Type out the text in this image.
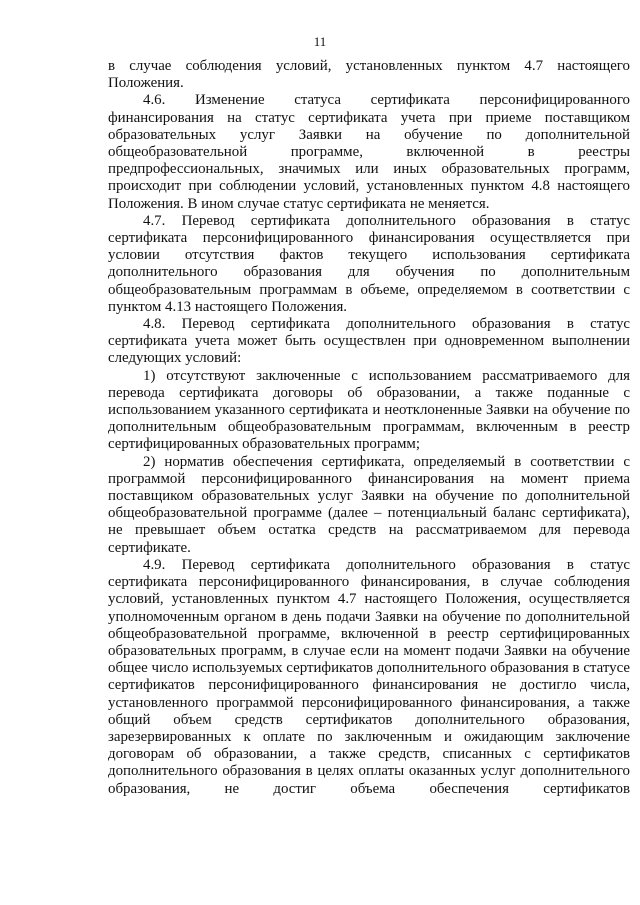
11

в случае соблюдения условий, установленных пунктом 4.7 настоящего Положения.

4.6. Изменение статуса сертификата персонифицированного финансирования на статус сертификата учета при приеме поставщиком образовательных услуг Заявки на обучение по дополнительной общеобразовательной программе, включенной в реестры предпрофессиональных, значимых или иных образовательных программ, происходит при соблюдении условий, установленных пунктом 4.8 настоящего Положения. В ином случае статус сертификата не меняется.

4.7. Перевод сертификата дополнительного образования в статус сертификата персонифицированного финансирования осуществляется при условии отсутствия фактов текущего использования сертификата дополнительного образования для обучения по дополнительным общеобразовательным программам в объеме, определяемом в соответствии с пунктом 4.13 настоящего Положения.

4.8. Перевод сертификата дополнительного образования в статус сертификата учета может быть осуществлен при одновременном выполнении следующих условий:

1) отсутствуют заключенные с использованием рассматриваемого для перевода сертификата договоры об образовании, а также поданные с использованием указанного сертификата и неотклоненные Заявки на обучение по дополнительным общеобразовательным программам, включенным в реестр сертифицированных образовательных программ;

2) норматив обеспечения сертификата, определяемый в соответствии с программой персонифицированного финансирования на момент приема поставщиком образовательных услуг Заявки на обучение по дополнительной общеобразовательной программе (далее – потенциальный баланс сертификата), не превышает объем остатка средств на рассматриваемом для перевода сертификате.

4.9. Перевод сертификата дополнительного образования в статус сертификата персонифицированного финансирования, в случае соблюдения условий, установленных пунктом 4.7 настоящего Положения, осуществляется уполномоченным органом в день подачи Заявки на обучение по дополнительной общеобразовательной программе, включенной в реестр сертифицированных образовательных программ, в случае если на момент подачи Заявки на обучение общее число используемых сертификатов дополнительного образования в статусе сертификатов персонифицированного финансирования не достигло числа, установленного программой персонифицированного финансирования, а также общий объем средств сертификатов дополнительного образования, зарезервированных к оплате по заключенным и ожидающим заключение договорам об образовании, а также средств, списанных с сертификатов дополнительного образования в целях оплаты оказанных услуг дополнительного образования, не достиг объема обеспечения сертификатов
